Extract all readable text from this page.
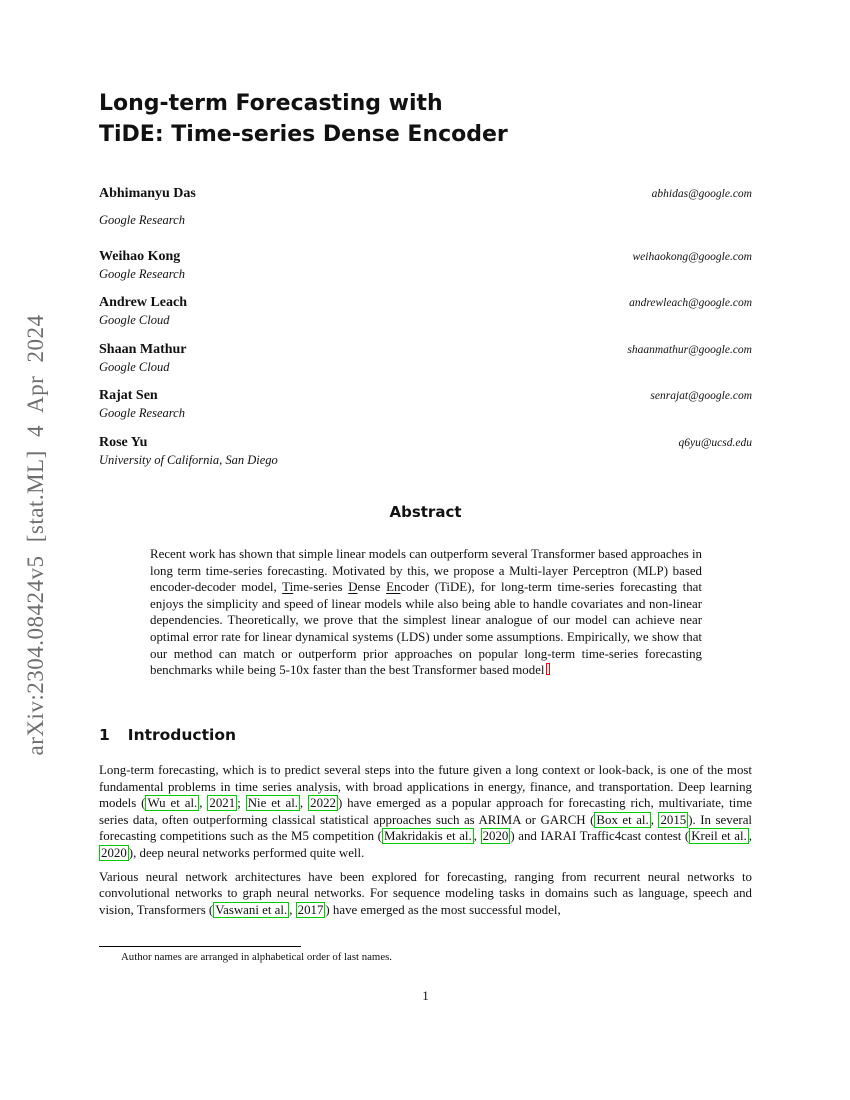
arXiv:2304.08424v5 [stat.ML] 4 Apr 2024
Long-term Forecasting with
TiDE: Time-series Dense Encoder
Abhimanyu Das	abhidas@google.com
Google Research
Weihao Kong	weihaokong@google.com
Google Research
Andrew Leach	andrewleach@google.com
Google Cloud
Shaan Mathur	shaanmathur@google.com
Google Cloud
Rajat Sen	senrajat@google.com
Google Research
Rose Yu	q6yu@ucsd.edu
University of California, San Diego
Abstract
Recent work has shown that simple linear models can outperform several Transformer based approaches in long term time-series forecasting. Motivated by this, we propose a Multi-layer Perceptron (MLP) based encoder-decoder model, Time-series Dense Encoder (TiDE), for long-term time-series forecasting that enjoys the simplicity and speed of linear models while also being able to handle covariates and non-linear dependencies. Theoretically, we prove that the simplest linear analogue of our model can achieve near optimal error rate for linear dynamical systems (LDS) under some assumptions. Empirically, we show that our method can match or outperform prior approaches on popular long-term time-series forecasting benchmarks while being 5-10x faster than the best Transformer based model
1 Introduction

Long-term forecasting, which is to predict several steps into the future given a long context or look-back, is one of the most fundamental problems in time series analysis, with broad applications in energy, finance, and transportation. Deep learning models ( Wu et al. , 2021 ; Nie et al. , 2022 ) have emerged as a popular approach for forecasting rich, multivariate, time series data, often outperforming classical statistical approaches such as ARIMA or GARCH ( Box et al. , 2015 ). In several forecasting competitions such as the M5 competition ( Makridakis et al. , 2020 ) and IARAI Traffic4cast contest ( Kreil et al. , 2020 ), deep neural networks performed quite well.

Various neural network architectures have been explored for forecasting, ranging from recurrent neural networks to convolutional networks to graph neural networks. For sequence modeling tasks in domains such as language, speech and vision, Transformers ( Vaswani et al. , 2017 ) have emerged as the most successful model,

Author names are arranged in alphabetical order of last names.
1
